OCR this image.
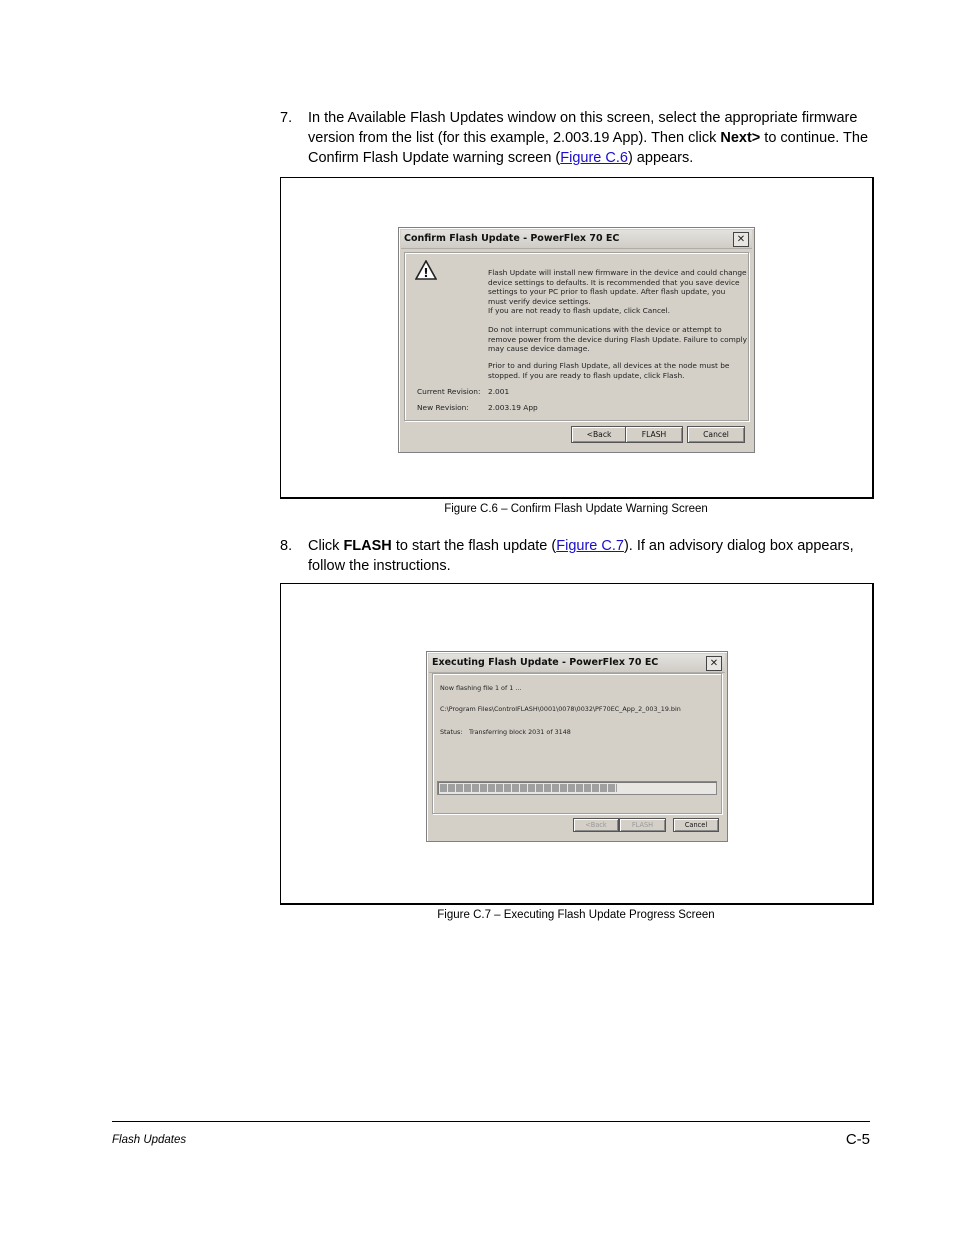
7. In the Available Flash Updates window on this screen, select the appropriate firmware version from the list (for this example, 2.003.19 App). Then click Next> to continue. The Confirm Flash Update warning screen (Figure C.6) appears.
Confirm Flash Update - PowerFlex 70 EC	✕
!	Flash Update will install new firmware in the device and could change
device settings to defaults. It is recommended that you save device
settings to your PC prior to flash update. After flash update, you
must verify device settings.
If you are not ready to flash update, click Cancel.
Do not interrupt communications with the device or attempt to
remove power from the device during Flash Update. Failure to comply
may cause device damage.
Prior to and during Flash Update, all devices at the node must be
stopped. If you are ready to flash update, click Flash.
Current Revision: 2.001
New Revision:	2.003.19 App
<Back	FLASH	Cancel
Figure C.6 – Confirm Flash Update Warning Screen
8. Click FLASH to start the flash update (Figure C.7). If an advisory dialog box appears, follow the instructions.
Executing Flash Update - PowerFlex 70 EC	✕
Now flashing file 1 of 1 ...
C:\Program Files\ControlFLASH\0001\0078\0032\PF70EC_App_2_003_19.bin
Status: Transferring block 2031 of 3148
<Back	FLASH	Cancel
Figure C.7 – Executing Flash Update Progress Screen
Flash Updates	C-5
